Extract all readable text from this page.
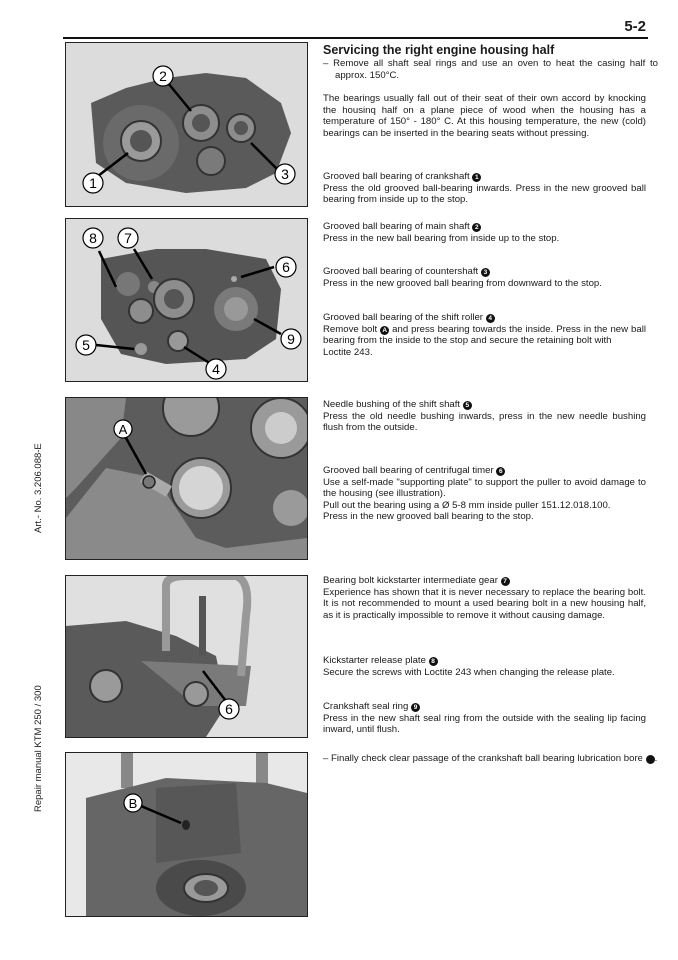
5-2
Art.- No. 3.206.088-E
Repair manual KTM 250 / 300
1
2
3
8 7
6
5	9
4
A
6
B
Servicing the right engine housing half
– Remove all shaft seal rings and use an oven to heat the casing half to approx. 150°C.
The bearings usually fall out of their seat of their own accord by knocking the housinq half on a plane piece of wood when the housing has a temperature of 150° - 180° C. At this housing temperature, the new (cold) bearings can be inserted in the bearing seats without pressing.
Grooved ball bearing of crankshaft 1
Press the old grooved ball-bearing inwards. Press in the new grooved ball bearing from inside up to the stop.
Grooved ball bearing of main shaft 2
Press in the new ball bearing from inside up to the stop.
Grooved ball bearing of countershaft 3
Press in the new grooved ball bearing from downward to the stop.
Grooved ball bearing of the shift roller 4
Remove bolt A and press bearing towards the inside. Press in the new ball bearing from the inside to the stop and secure the retaining bolt with
Loctite 243.
Needle bushing of the shift shaft 5
Press the old needle bushing inwards, press in the new needle bushing flush from the outside.
Grooved ball bearing of centrifugal timer 6
Use a self-made "supporting plate" to support the puller to avoid damage to the housing (see illustration).
Pull out the bearing using a Ø 5-8 mm inside puller 151.12.018.100.
Press in the new grooved ball bearing to the stop.
Bearing bolt kickstarter intermediate gear 7
Experience has shown that it is never necessary to replace the bearing bolt. It is not recommended to mount a used bearing bolt in a new housing half, as it is practically impossible to remove it without causing damage.
Kickstarter release plate 8
Secure the screws with Loctite 243 when changing the release plate.
Crankshaft seal ring 9
Press in the new shaft seal ring from the outside with the sealing lip facing inward, until flush.
– Finally check clear passage of the crankshaft ball bearing lubrication bore B .
